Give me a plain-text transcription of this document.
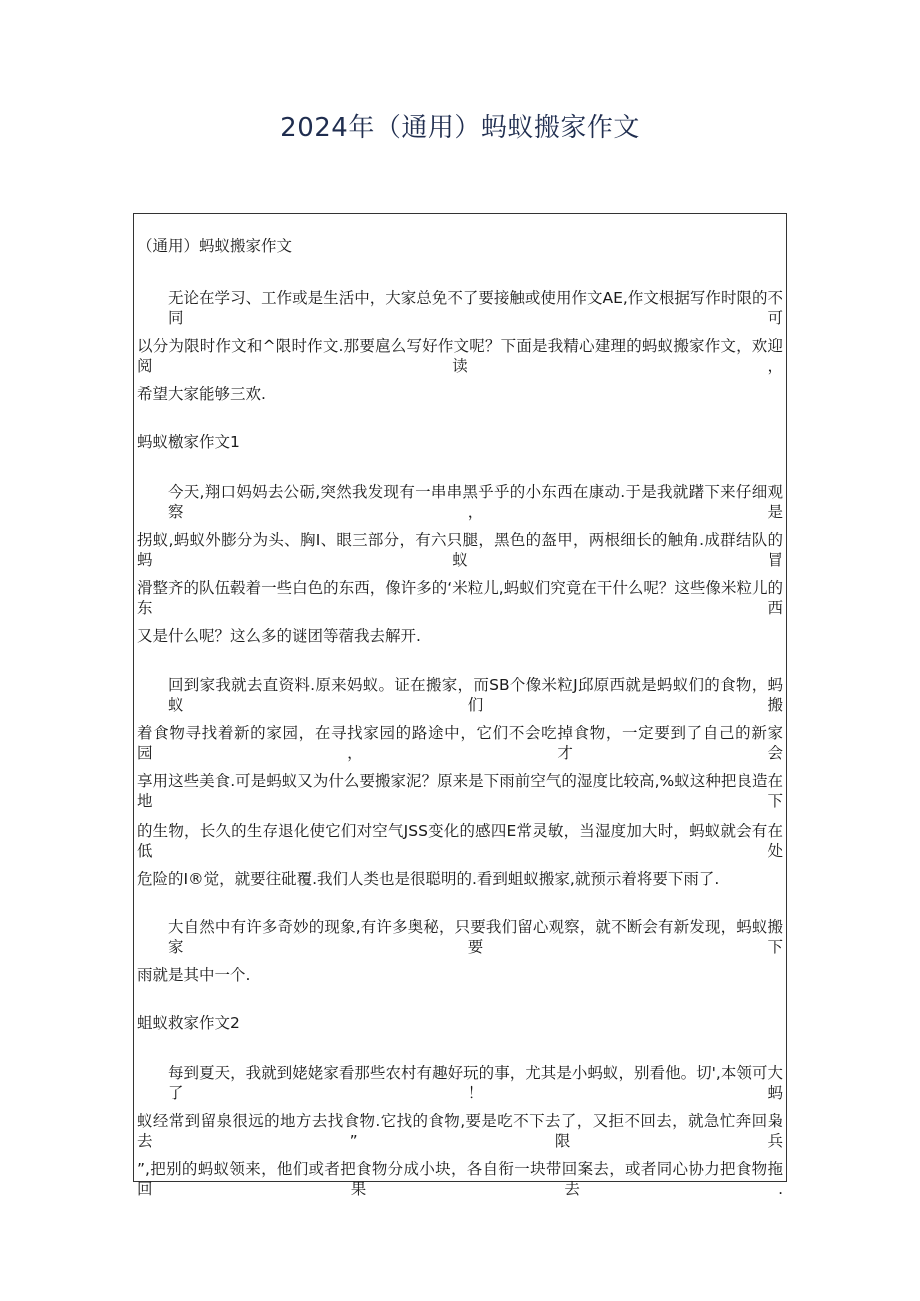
2024年（通用）蚂蚁搬家作文
（通用）蚂蚁搬家作文
无论在学习、工作或是生活中，大家总免不了要接触或使用作文AE,作文根据写作时限的不同可
以分为限时作文和^限时作文.那要扈么写好作文呢？下面是我精心建理的蚂蚁搬家作文，欢迎阅读，
希望大家能够三欢.
蚂蚁檄家作文1
今天,翔口妈妈去公砺,突然我发现有一串串黑乎乎的小东西在康动.于是我就躇下来仔细观察，是
拐蚁,蚂蚁外膨分为头、胸I、眼三部分，有六只腿，黑色的盔甲，两根细长的触角.成群结队的蚂蚁冒
滑整齐的队伍毂着一些白色的东西，像许多的‘米粒儿,蚂蚁们究竟在干什么呢？这些像米粒儿的东西
又是什么呢？这么多的谜团等蓿我去解开.
回到家我就去直资料.原来妈蚁。证在搬家，而SB个像米粒J邱原西就是蚂蚁们的食物，蚂蚁们搬
着食物寻找着新的家园，在寻找家园的路途中，它们不会吃掉食物，一定要到了自己的新家园，才会
享用这些美食.可是蚂蚁又为什么要搬家泥？原来是下雨前空气的湿度比较高,%蚁这种把良造在地下
的生物，长久的生存退化使它们对空气JSS变化的感四E常灵敏，当湿度加大时，蚂蚁就会有在低处
危险的I®觉，就要往砒覆.我们人类也是很聪明的.看到蛆蚁搬家,就预示着将要下雨了.
大自然中有许多奇妙的现象,有许多奥秘，只要我们留心观察，就不断会有新发现，蚂蚁搬家要下
雨就是其中一个.
蛆蚁救家作文2
每到夏天，我就到姥姥家看那些农村有趣好玩的事，尤其是小蚂蚁，别看他。切',本领可大了！蚂
蚁经常到留泉很远的地方去找食物.它找的食物,要是吃不下去了，又拒不回去，就急忙奔回枭去”限兵
”,把别的蚂蚁领来，他们或者把食物分成小块，各自衔一块带回案去，或者同心协力把食物拖回果去.
